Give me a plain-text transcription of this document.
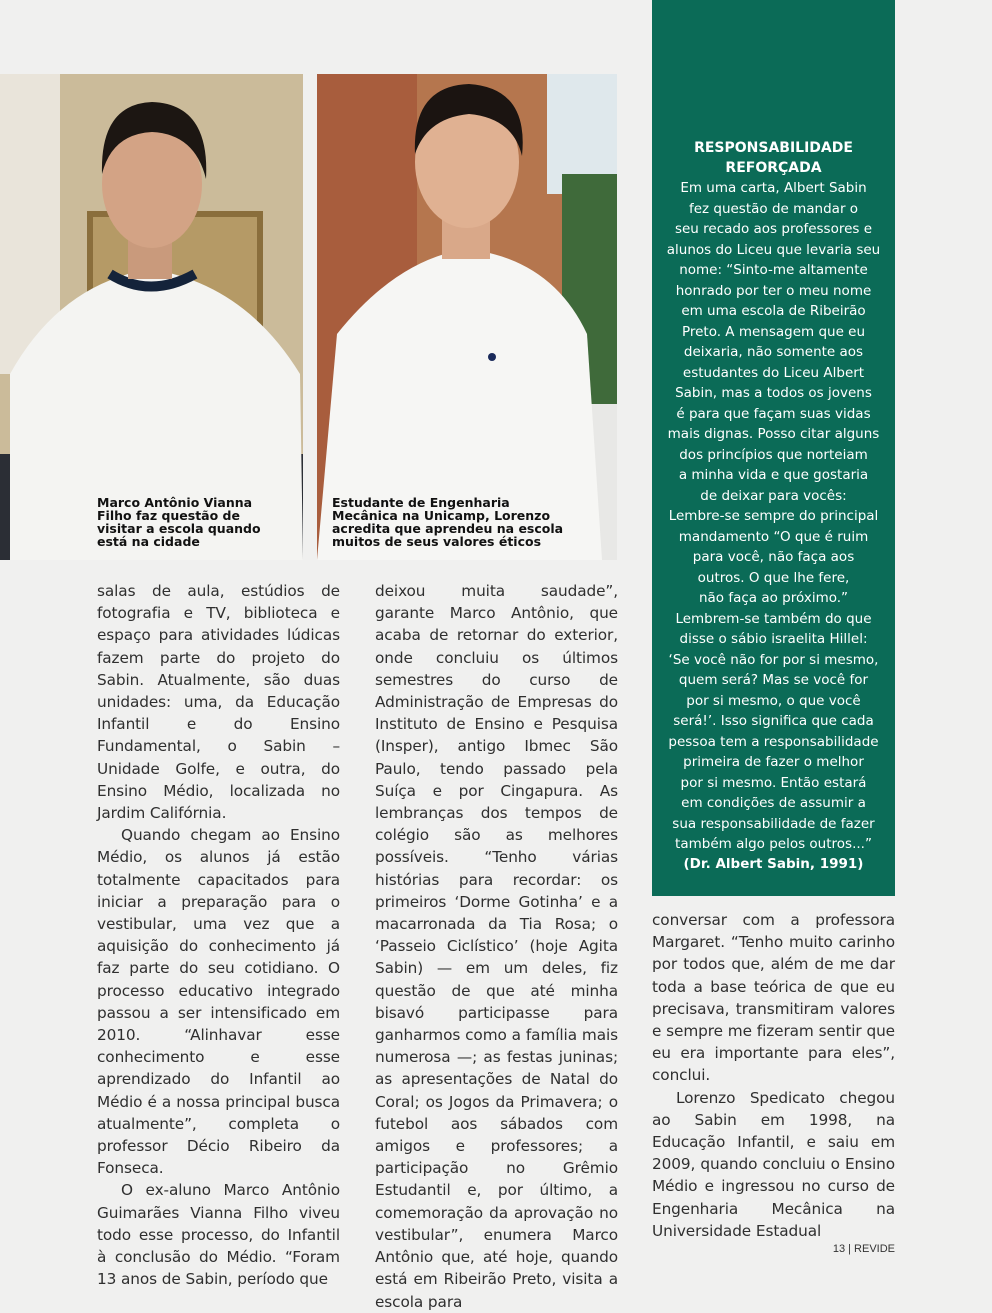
Marco Antônio Vianna
Filho faz questão de
visitar a escola quando
está na cidade
Estudante de Engenharia
Mecânica na Unicamp, Lorenzo
acredita que aprendeu na escola
muitos de seus valores éticos
RESPONSABILIDADE
REFORÇADA
Em uma carta, Albert Sabin
fez questão de mandar o
seu recado aos professores e
alunos do Liceu que levaria seu
nome: “Sinto-me altamente
honrado por ter o meu nome
em uma escola de Ribeirão
Preto. A mensagem que eu
deixaria, não somente aos
estudantes do Liceu Albert
Sabin, mas a todos os jovens
é para que façam suas vidas
mais dignas. Posso citar alguns
dos princípios que norteiam
a minha vida e que gostaria
de deixar para vocês:
Lembre-se sempre do principal
mandamento “O que é ruim
para você, não faça aos
outros. O que lhe fere,
não faça ao próximo.”
Lembrem-se também do que
disse o sábio israelita Hillel:
‘Se você não for por si mesmo,
quem será? Mas se você for
por si mesmo, o que você
será!’. Isso significa que cada
pessoa tem a responsabilidade
primeira de fazer o melhor
por si mesmo. Então estará
em condições de assumir a
sua responsabilidade de fazer
também algo pelos outros...”
(Dr. Albert Sabin, 1991)

salas de aula, estúdios de fotografia e TV, biblioteca e espaço para atividades lúdicas fazem parte do projeto do Sabin. Atualmente, são duas unidades: uma, da Educação Infantil e do Ensino Fundamental, o Sabin – Unidade Golfe, e outra, do Ensino Médio, localizada no Jardim Califórnia.

Quando chegam ao Ensino Médio, os alunos já estão totalmente capacitados para iniciar a preparação para o vestibular, uma vez que a aquisição do conhecimento já faz parte do seu cotidiano. O processo educativo integrado passou a ser intensificado em 2010. “Alinhavar esse conhecimento e esse aprendizado do Infantil ao Médio é a nossa principal busca atualmente”, completa o professor Décio Ribeiro da Fonseca.

O ex-aluno Marco Antônio Guimarães Vianna Filho viveu todo esse processo, do Infantil à conclusão do Médio. “Foram 13 anos de Sabin, período que

deixou muita saudade”, garante Marco Antônio, que acaba de retornar do exterior, onde concluiu os últimos semestres do curso de Administração de Empresas do Instituto de Ensino e Pesquisa (Insper), antigo Ibmec São Paulo, tendo passado pela Suíça e por Cingapura. As lembranças dos tempos de colégio são as melhores possíveis. “Tenho várias histórias para recordar: os primeiros ‘Dorme Gotinha’ e a macarronada da Tia Rosa; o ‘Passeio Ciclístico’ (hoje Agita Sabin) — em um deles, fiz questão de que até minha bisavó participasse para ganharmos como a família mais numerosa —; as festas juninas; as apresentações de Natal do Coral; os Jogos da Primavera; o futebol aos sábados com amigos e professores; a participação no Grêmio Estudantil e, por último, a comemoração da aprovação no vestibular”, enumera Marco Antônio que, até hoje, quando está em Ribeirão Preto, visita a escola para

conversar com a professora Margaret. “Tenho muito carinho por todos que, além de me dar toda a base teórica de que eu precisava, transmitiram valores e sempre me fizeram sentir que eu era importante para eles”, conclui.

Lorenzo Spedicato chegou ao Sabin em 1998, na Educação Infantil, e saiu em 2009, quando concluiu o Ensino Médio e ingressou no curso de Engenharia Mecânica na Universidade Estadual

13 | REVIDE
